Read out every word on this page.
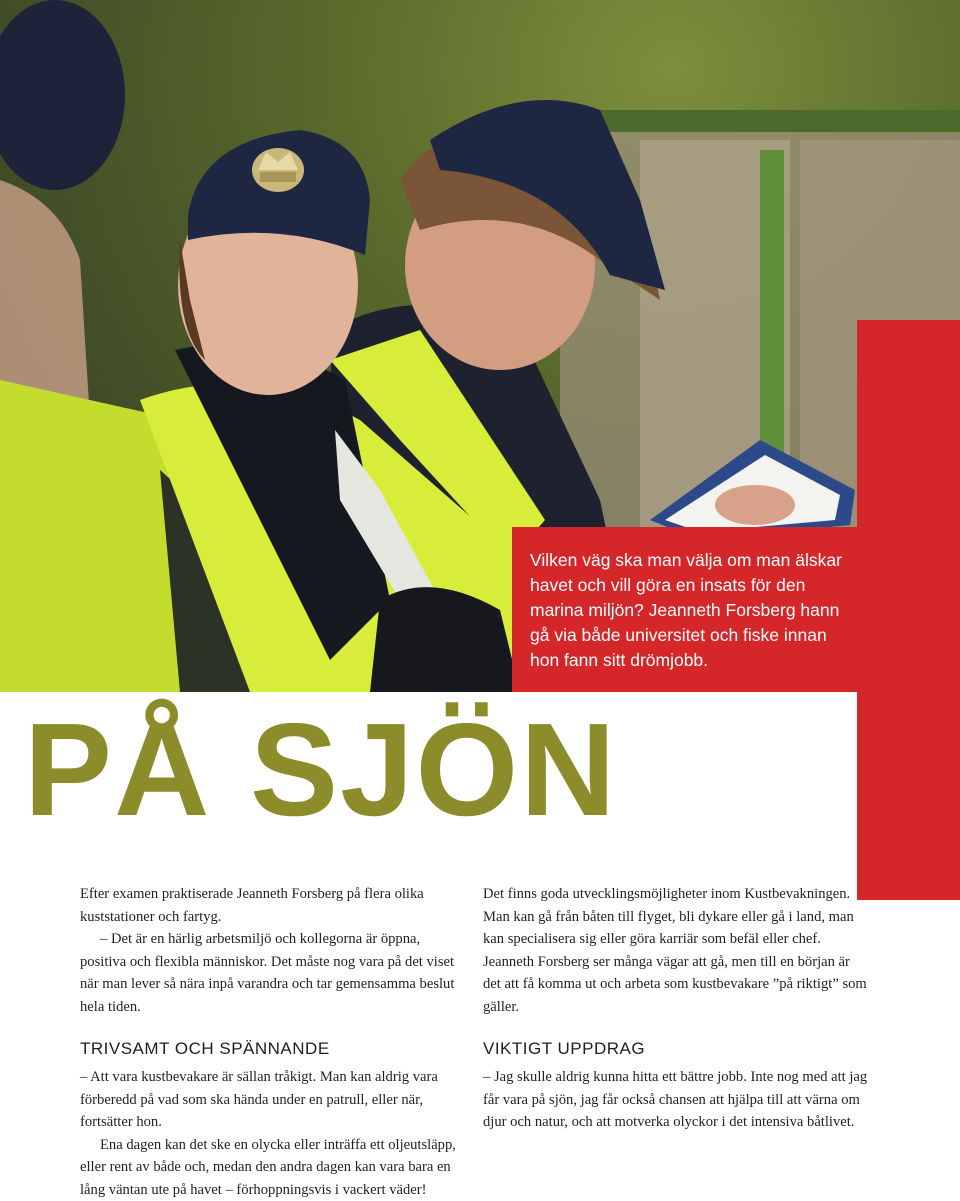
Vilken väg ska man välja om man älskar havet och vill göra en insats för den marina miljön? Jeanneth Forsberg hann gå via både universitet och fiske innan hon fann sitt drömjobb.

PÅ SJÖN

Efter examen praktiserade Jeanneth Forsberg på flera olika kuststationer och fartyg.

– Det är en härlig arbetsmiljö och kollegorna är öppna, positiva och flexibla människor. Det måste nog vara på det viset när man lever så nära inpå varandra och tar gemensamma beslut hela tiden.

TRIVSAMT OCH SPÄNNANDE

– Att vara kustbevakare är sällan tråkigt. Man kan aldrig vara förberedd på vad som ska hända under en patrull, eller när, fortsätter hon.

Ena dagen kan det ske en olycka eller inträffa ett oljeutsläpp, eller rent av både och, medan den andra dagen kan vara bara en lång väntan ute på havet – förhoppningsvis i vackert väder!

Det finns goda utvecklingsmöjligheter inom Kustbevakningen. Man kan gå från båten till flyget, bli dykare eller gå i land, man kan specialisera sig eller göra karriär som befäl eller chef. Jeanneth Forsberg ser många vägar att gå, men till en början är det att få komma ut och arbeta som kustbevakare ”på riktigt” som gäller.

VIKTIGT UPPDRAG

– Jag skulle aldrig kunna hitta ett bättre jobb. Inte nog med att jag får vara på sjön, jag får också chansen att hjälpa till att värna om djur och natur, och att motverka olyckor i det intensiva båtlivet.
